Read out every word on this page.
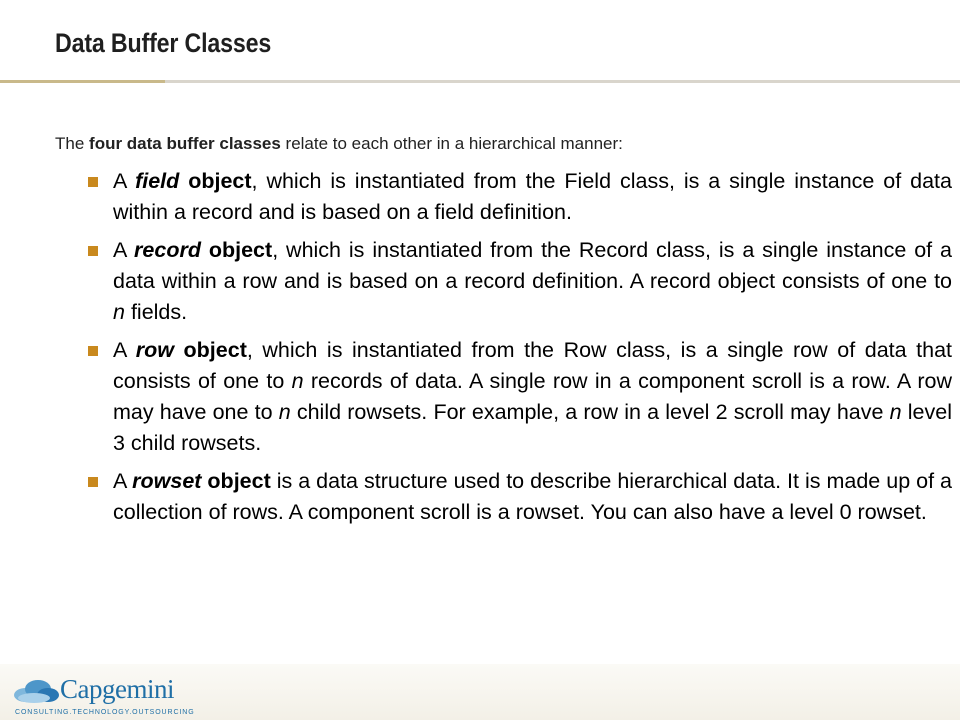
Data Buffer Classes
The four data buffer classes relate to each other in a hierarchical manner:
A field object, which is instantiated from the Field class, is a single instance of data within a record and is based on a field definition.
A record object, which is instantiated from the Record class, is a single instance of a data within a row and is based on a record definition. A record object consists of one to n fields.
A row object, which is instantiated from the Row class, is a single row of data that consists of one to n records of data. A single row in a component scroll is a row. A row may have one to n child rowsets. For example, a row in a level 2 scroll may have n level 3 child rowsets.
A rowset object is a data structure used to describe hierarchical data. It is made up of a collection of rows. A component scroll is a rowset. You can also have a level 0 rowset.
Capgemini
CONSULTING.TECHNOLOGY.OUTSOURCING
